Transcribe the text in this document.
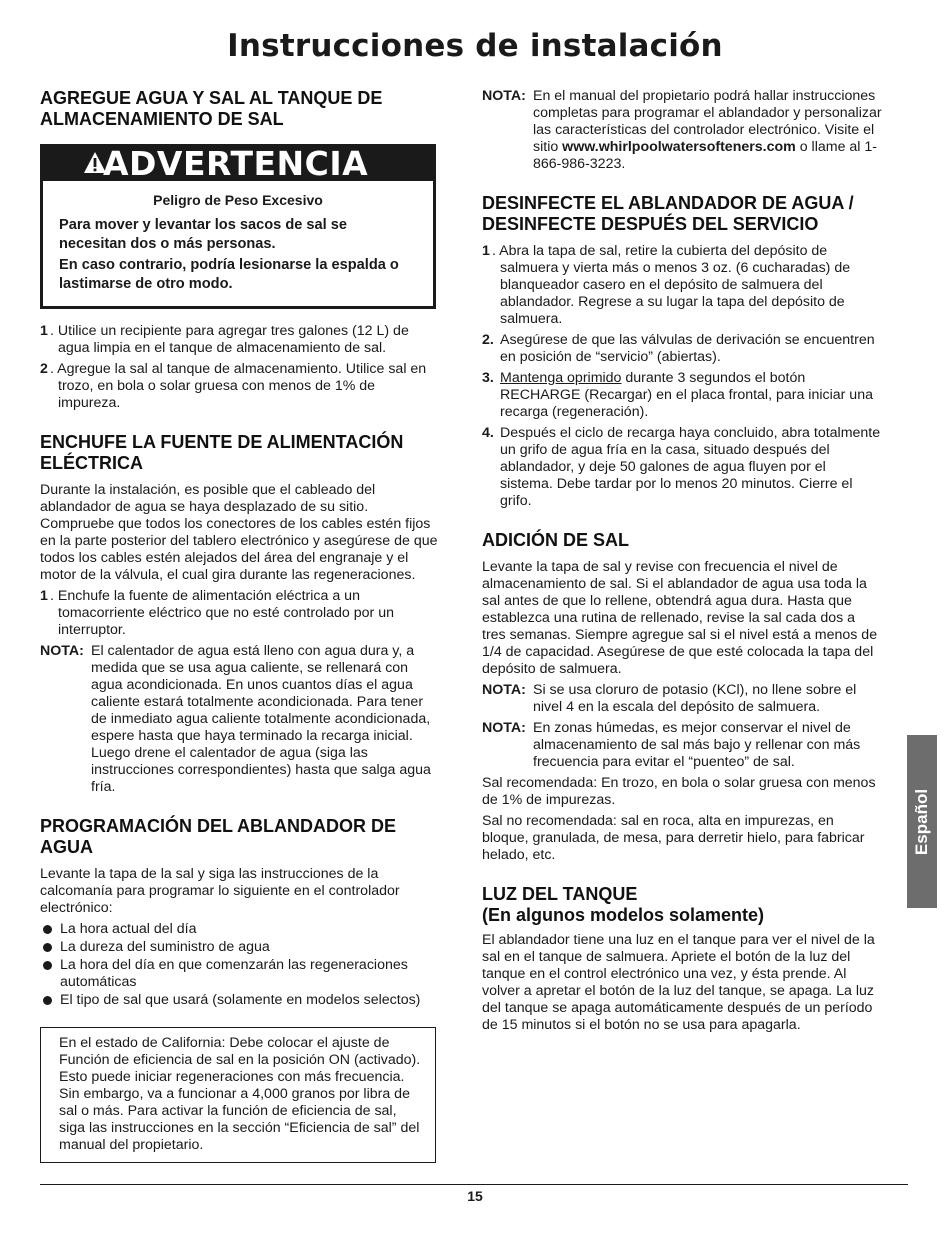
Instrucciones de instalación
AGREGUE AGUA Y SAL AL TANQUE DE ALMACENAMIENTO DE SAL
ADVERTENCIA

Peligro de Peso Excesivo

Para mover y levantar los sacos de sal se necesitan dos o más personas.

En caso contrario, podría lesionarse la espalda o lastimarse de otro modo.

1 . Utilice un recipiente para agregar tres galones (12 L) de agua limpia en el tanque de almacenamiento de sal.
2 . Agregue la sal al tanque de almacenamiento. Utilice sal en trozo, en bola o solar gruesa con menos de 1% de impureza.
ENCHUFE LA FUENTE DE ALIMENTACIÓN ELÉCTRICA

Durante la instalación, es posible que el cableado del ablandador de agua se haya desplazado de su sitio. Compruebe que todos los conectores de los cables estén fijos en la parte posterior del tablero electrónico y asegúrese de que todos los cables estén alejados del área del engranaje y el motor de la válvula, el cual gira durante las regeneraciones.

1 . Enchufe la fuente de alimentación eléctrica a un tomacorriente eléctrico que no esté controlado por un interruptor.
NOTA: El calentador de agua está lleno con agua dura y, a medida que se usa agua caliente, se rellenará con agua acondicionada. En unos cuantos días el agua caliente estará totalmente acondicionada. Para tener de inmediato agua caliente totalmente acondicionada, espere hasta que haya terminado la recarga inicial. Luego drene el calentador de agua (siga las instrucciones correspondientes) hasta que salga agua fría.
PROGRAMACIÓN DEL ABLANDADOR DE AGUA

Levante la tapa de la sal y siga las instrucciones de la calcomanía para programar lo siguiente en el controlador electrónico:

La hora actual del día
La dureza del suministro de agua
La hora del día en que comenzarán las regeneraciones automáticas
El tipo de sal que usará (solamente en modelos selectos)

En el estado de California: Debe colocar el ajuste de Función de eficiencia de sal en la posición ON (activado). Esto puede iniciar regeneraciones con más frecuencia. Sin embargo, va a funcionar a 4,000 granos por libra de sal o más. Para activar la función de eficiencia de sal, siga las instrucciones en la sección “Eficiencia de sal” del manual del propietario.

NOTA: En el manual del propietario podrá hallar instrucciones completas para programar el ablandador y personalizar las características del controlador electrónico. Visite el sitio www.whirlpoolwatersofteners.com o llame al 1-866-986-3223.
DESINFECTE EL ABLANDADOR DE AGUA / DESINFECTE DESPUÉS DEL SERVICIO
1 . Abra la tapa de sal, retire la cubierta del depósito de salmuera y vierta más o menos 3 oz. (6 cucharadas) de blanqueador casero en el depósito de salmuera del ablandador. Regrese a su lugar la tapa del depósito de salmuera.
2. Asegúrese de que las válvulas de derivación se encuentren en posición de “servicio” (abiertas).
3. Mantenga oprimido durante 3 segundos el botón RECHARGE (Recargar) en el placa frontal, para iniciar una recarga (regeneración).
4. Después el ciclo de recarga haya concluido, abra totalmente un grifo de agua fría en la casa, situado después del ablandador, y deje 50 galones de agua fluyen por el sistema. Debe tardar por lo menos 20 minutos. Cierre el grifo.
ADICIÓN DE SAL

Levante la tapa de sal y revise con frecuencia el nivel de almacenamiento de sal. Si el ablandador de agua usa toda la sal antes de que lo rellene, obtendrá agua dura. Hasta que establezca una rutina de rellenado, revise la sal cada dos a tres semanas. Siempre agregue sal si el nivel está a menos de 1/4 de capacidad. Asegúrese de que esté colocada la tapa del depósito de salmuera.

NOTA: Si se usa cloruro de potasio (KCl), no llene sobre el nivel 4 en la escala del depósito de salmuera.
NOTA: En zonas húmedas, es mejor conservar el nivel de almacenamiento de sal más bajo y rellenar con más frecuencia para evitar el “puenteo” de sal.

Sal recomendada: En trozo, en bola o solar gruesa con menos de 1% de impurezas.

Sal no recomendada: sal en roca, alta en impurezas, en bloque, granulada, de mesa, para derretir hielo, para fabricar helado, etc.

LUZ DEL TANQUE
(En algunos modelos solamente)

El ablandador tiene una luz en el tanque para ver el nivel de la sal en el tanque de salmuera. Apriete el botón de la luz del tanque en el control electrónico una vez, y ésta prende. Al volver a apretar el botón de la luz del tanque, se apaga. La luz del tanque se apaga automáticamente después de un período de 15 minutos si el botón no se usa para apagarla.

Español
15
